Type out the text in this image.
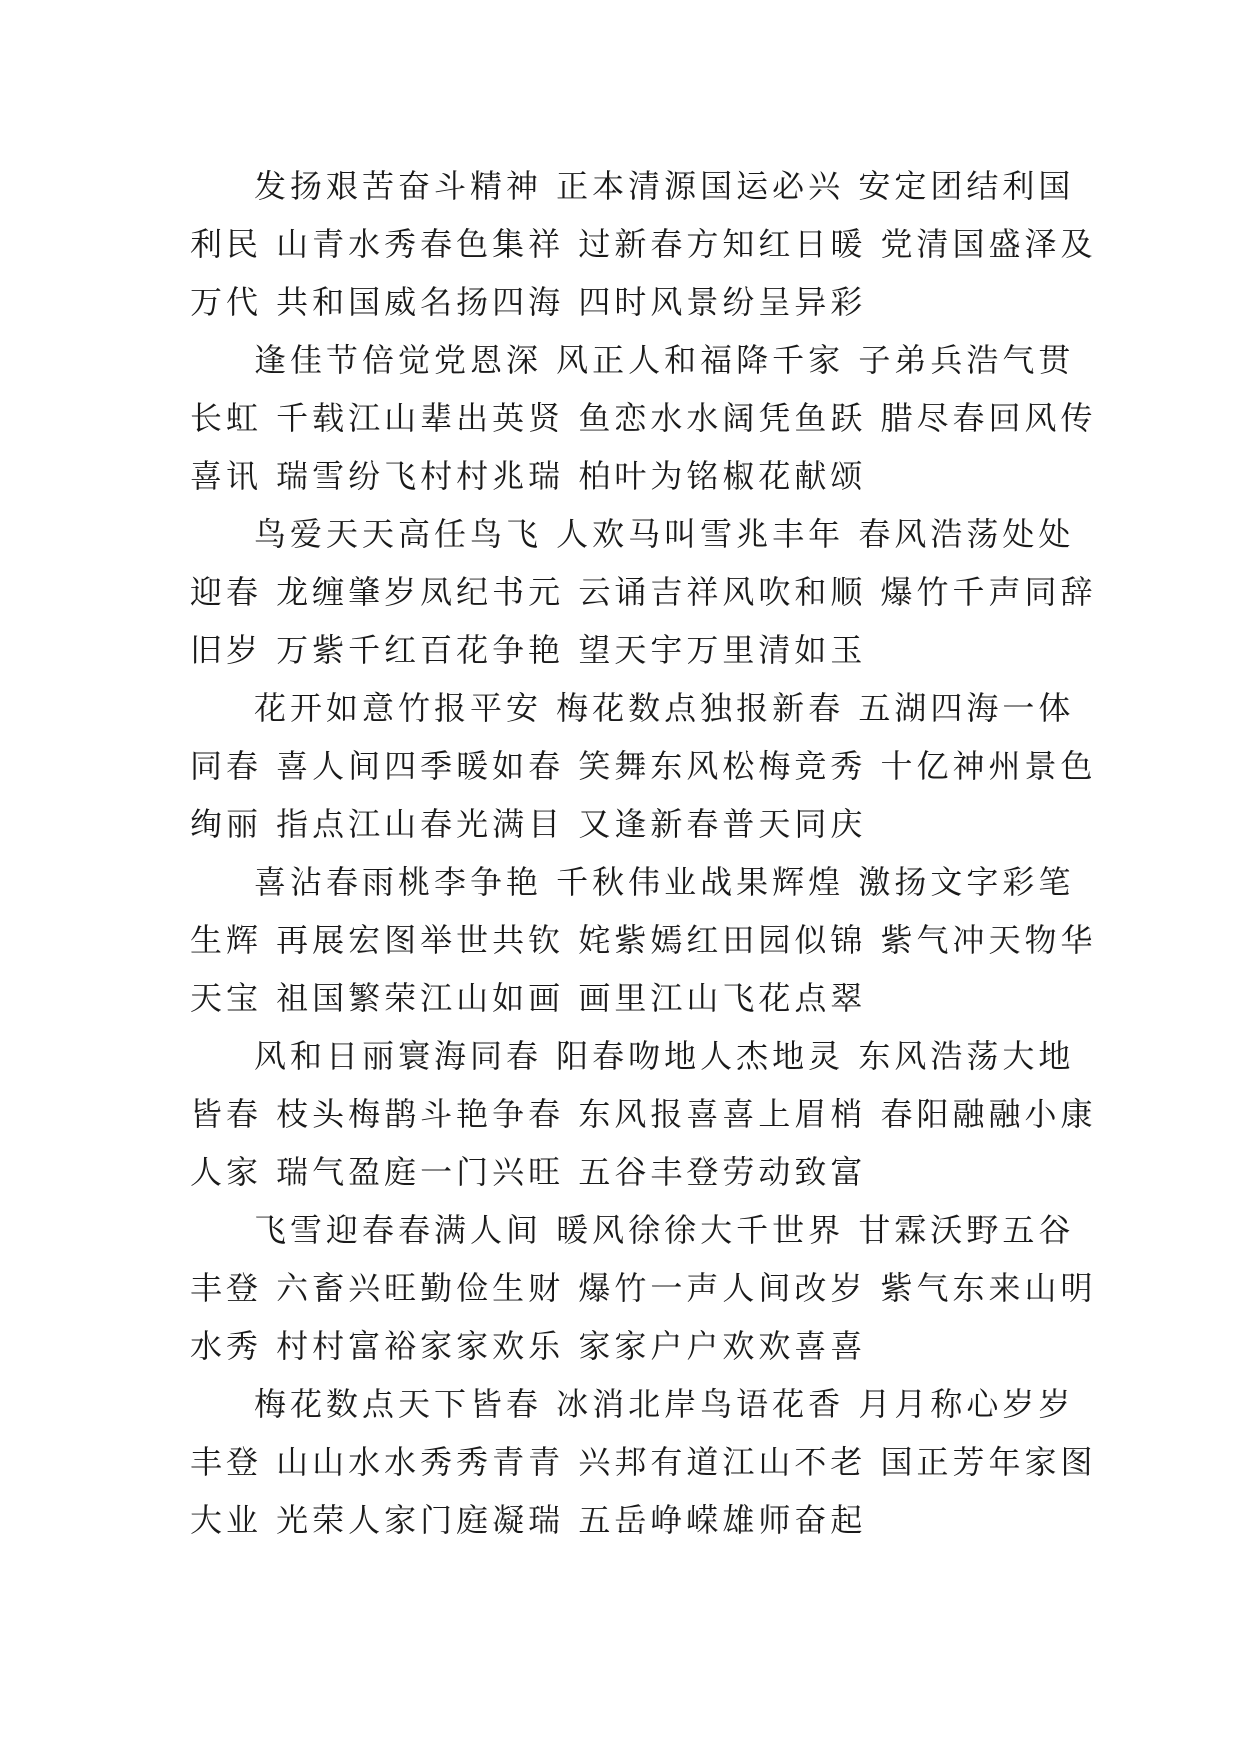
发扬艰苦奋斗精神 正本清源国运必兴 安定团结利国
利民 山青水秀春色集祥 过新春方知红日暖 党清国盛泽及
万代 共和国威名扬四海 四时风景纷呈异彩
逢佳节倍觉党恩深 风正人和福降千家 子弟兵浩气贯
长虹 千载江山辈出英贤 鱼恋水水阔凭鱼跃 腊尽春回风传
喜讯 瑞雪纷飞村村兆瑞 柏叶为铭椒花献颂
鸟爱天天高任鸟飞 人欢马叫雪兆丰年 春风浩荡处处
迎春 龙缠肇岁凤纪书元 云诵吉祥风吹和顺 爆竹千声同辞
旧岁 万紫千红百花争艳 望天宇万里清如玉
花开如意竹报平安 梅花数点独报新春 五湖四海一体
同春 喜人间四季暖如春 笑舞东风松梅竞秀 十亿神州景色
绚丽 指点江山春光满目 又逢新春普天同庆
喜沾春雨桃李争艳 千秋伟业战果辉煌 激扬文字彩笔
生辉 再展宏图举世共钦 姹紫嫣红田园似锦 紫气冲天物华
天宝 祖国繁荣江山如画 画里江山飞花点翠
风和日丽寰海同春 阳春吻地人杰地灵 东风浩荡大地
皆春 枝头梅鹊斗艳争春 东风报喜喜上眉梢 春阳融融小康
人家 瑞气盈庭一门兴旺 五谷丰登劳动致富
飞雪迎春春满人间 暖风徐徐大千世界 甘霖沃野五谷
丰登 六畜兴旺勤俭生财 爆竹一声人间改岁 紫气东来山明
水秀 村村富裕家家欢乐 家家户户欢欢喜喜
梅花数点天下皆春 冰消北岸鸟语花香 月月称心岁岁
丰登 山山水水秀秀青青 兴邦有道江山不老 国正芳年家图
大业 光荣人家门庭凝瑞 五岳峥嵘雄师奋起
